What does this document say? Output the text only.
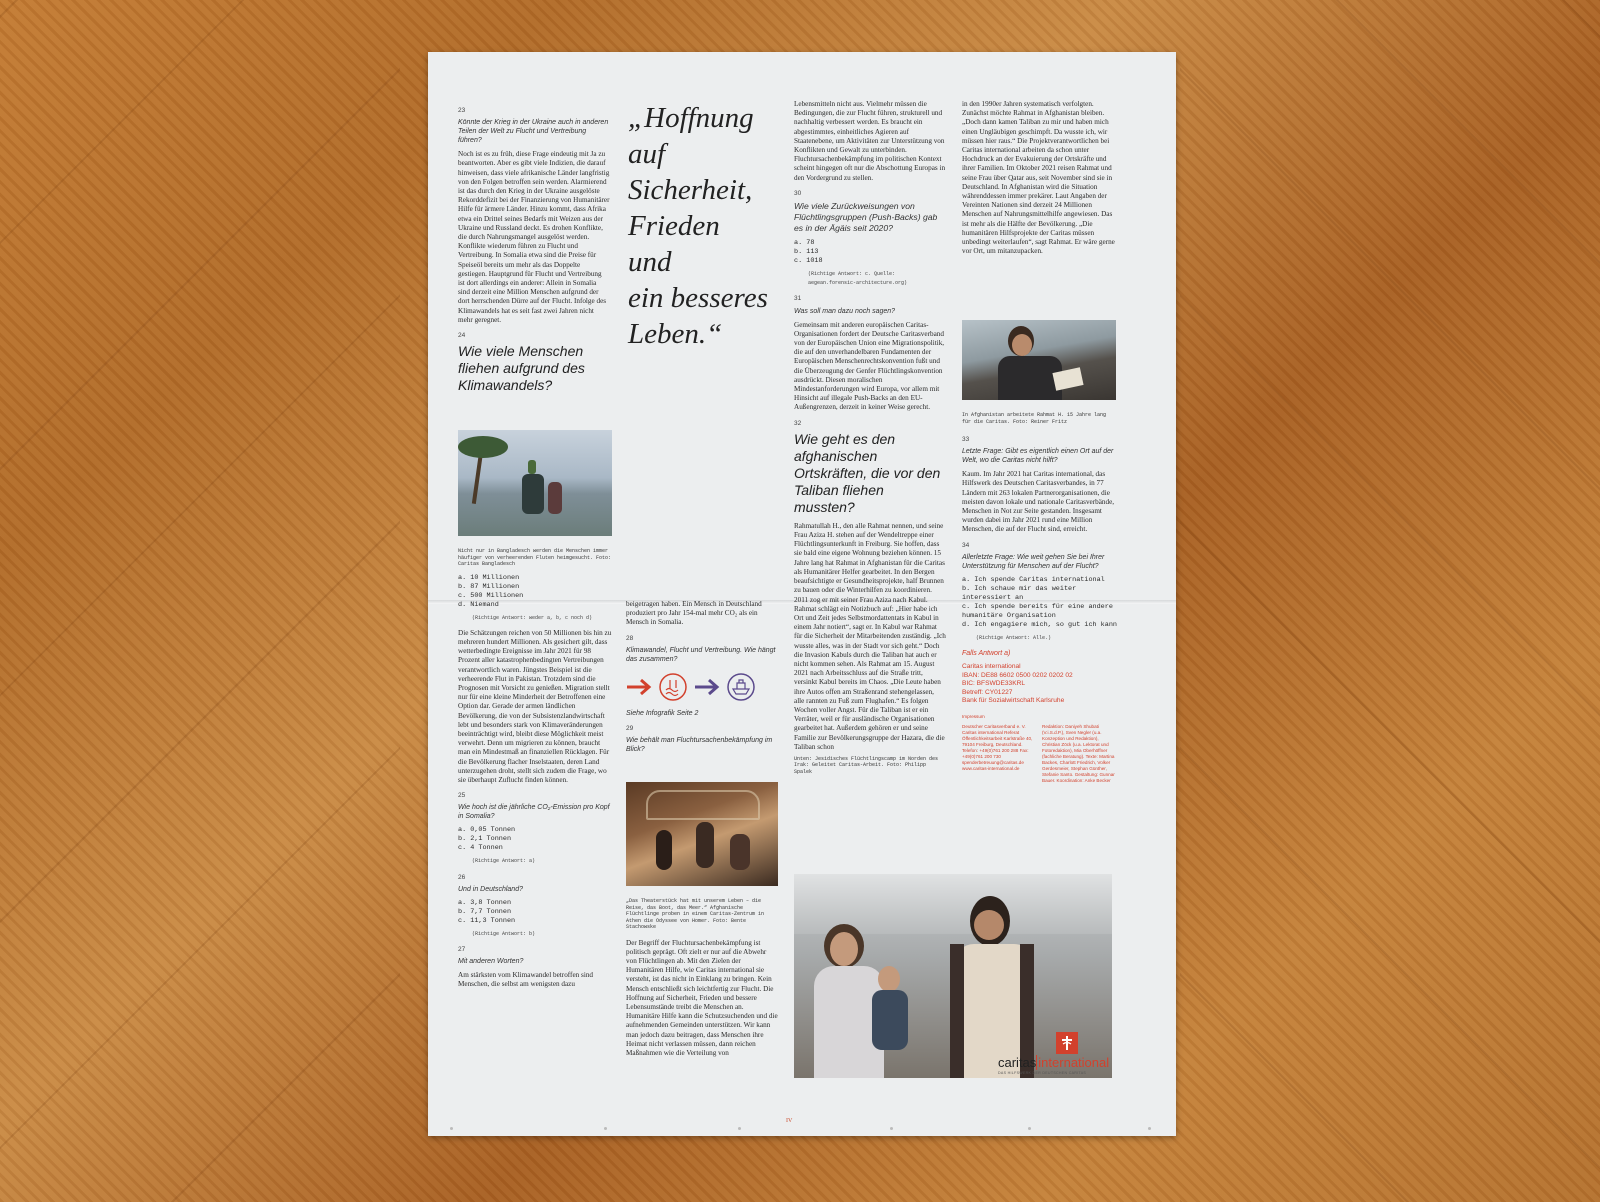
23
Könnte der Krieg in der Ukraine auch in anderen Teilen der Welt zu Flucht und Vertreibung führen?

Noch ist es zu früh, diese Frage eindeutig mit Ja zu beantworten. Aber es gibt viele Indizien, die darauf hinweisen, dass viele afrikanische Länder langfristig von den Folgen betroffen sein werden. Alarmierend ist das durch den Krieg in der Ukraine ausgelöste Rekorddefizit bei der Finanzierung von Humanitärer Hilfe für ärmere Länder. Hinzu kommt, dass Afrika etwa ein Drittel seines Bedarfs mit Weizen aus der Ukraine und Russland deckt. Es drohen Konflikte, die durch Nahrungsmangel ausgelöst werden. Konflikte wiederum führen zu Flucht und Vertreibung. In Somalia etwa sind die Preise für Speiseöl bereits um mehr als das Doppelte gestiegen. Hauptgrund für Flucht und Vertreibung ist dort allerdings ein anderer: Allein in Somalia sind derzeit eine Million Menschen aufgrund der dort herrschenden Dürre auf der Flucht. Infolge des Klimawandels hat es seit fast zwei Jahren nicht mehr geregnet.

24
Wie viele Menschen fliehen aufgrund des Klimawandels?
Nicht nur in Bangladesch werden die Menschen immer häufiger von verheerenden Fluten heimgesucht. Foto: Caritas Bangladesch
a. 10 Millionen
b. 87 Millionen
c. 500 Millionen
d. Niemand
(Richtige Antwort: weder a, b, c noch d)

Die Schätzungen reichen von 50 Millionen bis hin zu mehreren hundert Millionen. Als gesichert gilt, dass wetterbedingte Ereignisse im Jahr 2021 für 98 Prozent aller katastrophenbedingten Vertreibungen verantwortlich waren. Jüngstes Beispiel ist die verheerende Flut in Pakistan. Trotzdem sind die Prognosen mit Vorsicht zu genießen. Migration stellt nur für eine kleine Minderheit der Betroffenen eine Option dar. Gerade der armen ländlichen Bevölkerung, die von der Subsistenzlandwirtschaft lebt und besonders stark von Klimaveränderungen beeinträchtigt wird, bleibt diese Möglichkeit meist verwehrt. Denn um migrieren zu können, braucht man ein Mindestmaß an finanziellen Rücklagen. Für die Bevölkerung flacher Inselstaaten, deren Land unterzugehen droht, stellt sich zudem die Frage, wo sie überhaupt Zuflucht finden können.

25
Wie hoch ist die jährliche CO₂-Emission pro Kopf in Somalia?
a. 0,05 Tonnen
b. 2,1 Tonnen
c. 4 Tonnen
(Richtige Antwort: a)
26
Und in Deutschland?
a. 3,8 Tonnen
b. 7,7 Tonnen
c. 11,3 Tonnen
(Richtige Antwort: b)
27
Mit anderen Worten?

Am stärksten vom Klimawandel betroffen sind Menschen, die selbst am wenigsten dazu

„Hoffnung
auf
Sicherheit,
Frieden
und
ein besseres
Leben.“

beigetragen haben. Ein Mensch in Deutschland produziert pro Jahr 154-mal mehr CO₂ als ein Mensch in Somalia.

28
Klimawandel, Flucht und Vertreibung. Wie hängt das zusammen?
Siehe Infografik Seite 2
29
Wie behält man Fluchtursachenbekämpfung im Blick?
„Das Theaterstück hat mit unserem Leben – die Reise, das Boot, das Meer.“ Afghanische Flüchtlinge proben in einem Caritas-Zentrum in Athen die Odyssee von Homer. Foto: Bente Stachowske

Der Begriff der Fluchtursachenbekämpfung ist politisch geprägt. Oft zielt er nur auf die Abwehr von Flüchtlingen ab. Mit den Zielen der Humanitären Hilfe, wie Caritas international sie versteht, ist das nicht in Einklang zu bringen. Kein Mensch entschließt sich leichtfertig zur Flucht. Die Hoffnung auf Sicherheit, Frieden und bessere Lebensumstände treibt die Menschen an. Humanitäre Hilfe kann die Schutzsuchenden und die aufnehmenden Gemeinden unterstützen. Wir kann man jedoch dazu beitragen, dass Menschen ihre Heimat nicht verlassen müssen, dann reichen Maßnahmen wie die Verteilung von

Lebensmitteln nicht aus. Vielmehr müssen die Bedingungen, die zur Flucht führen, strukturell und nachhaltig verbessert werden. Es braucht ein abgestimmtes, einheitliches Agieren auf Staatenebene, um Aktivitäten zur Unterstützung von Konflikten und Gewalt zu unterbinden. Fluchtursachenbekämpfung im politischen Kontext scheint hingegen oft nur die Abschottung Europas in den Vordergrund zu stellen.

30
Wie viele Zurückweisungen von Flüchtlingsgruppen (Push-Backs) gab es in der Ägäis seit 2020?
a. 78
b. 113
c. 1018
(Richtige Antwort: c. Quelle: aegean.forensic-architecture.org)
31
Was soll man dazu noch sagen?

Gemeinsam mit anderen europäischen Caritas-Organisationen fordert der Deutsche Caritasverband von der Europäischen Union eine Migrationspolitik, die auf den unverhandelbaren Fundamenten der Europäischen Menschenrechtskonvention fußt und die Überzeugung der Genfer Flüchtlingskonvention ausdrückt. Diesen moralischen Mindestanforderungen wird Europa, vor allem mit Hinsicht auf illegale Push-Backs an den EU-Außengrenzen, derzeit in keiner Weise gerecht.

32
Wie geht es den afghanischen Ortskräften, die vor den Taliban fliehen mussten?

Rahmatullah H., den alle Rahmat nennen, und seine Frau Aziza H. stehen auf der Wendeltreppe einer Flüchtlingsunterkunft in Freiburg. Sie hoffen, dass sie bald eine eigene Wohnung beziehen können. 15 Jahre lang hat Rahmat in Afghanistan für die Caritas als Humanitärer Helfer gearbeitet. In den Bergen beaufsichtigte er Gesundheitsprojekte, half Brunnen zu bauen oder die Winterhilfen zu koordinieren. 2011 zog er mit seiner Frau Aziza nach Kabul. Rahmat schlägt ein Notizbuch auf: „Hier habe ich Ort und Zeit jedes Selbstmordattentats in Kabul in einem Jahr notiert“, sagt er. In Kabul war Rahmat für die Sicherheit der Mitarbeitenden zuständig. „Ich wusste alles, was in der Stadt vor sich geht.“ Doch die Invasion Kabuls durch die Taliban hat auch er nicht kommen sehen. Als Rahmat am 15. August 2021 nach Arbeitsschluss auf die Straße tritt, versinkt Kabul bereits im Chaos. „Die Leute haben ihre Autos offen am Straßenrand stehengelassen, alle rannten zu Fuß zum Flughafen.“ Es folgen Wochen voller Angst. Für die Taliban ist er ein Verräter, weil er für ausländische Organisationen gearbeitet hat. Außerdem gehören er und seine Familie zur Bevölkerungsgruppe der Hazara, die die Taliban schon

Unten: Jesidisches Flüchtlingscamp im Norden des Irak: Geleitet Caritas-Arbeit. Foto: Philipp Spalek

in den 1990er Jahren systematisch verfolgten. Zunächst möchte Rahmat in Afghanistan bleiben. „Doch dann kamen Taliban zu mir und haben mich einen Ungläubigen geschimpft. Da wusste ich, wir müssen hier raus.“ Die Projektverantwortlichen bei Caritas international arbeiten da schon unter Hochdruck an der Evakuierung der Ortskräfte und ihrer Familien. Im Oktober 2021 reisen Rahmat und seine Frau über Qatar aus, seit November sind sie in Deutschland. In Afghanistan wird die Situation währenddessen immer prekärer. Laut Angaben der Vereinten Nationen sind derzeit 24 Millionen Menschen auf Nahrungsmittelhilfe angewiesen. Das ist mehr als die Hälfte der Bevölkerung. „Die humanitären Hilfsprojekte der Caritas müssen unbedingt weiterlaufen“, sagt Rahmat. Er wäre gerne vor Ort, um mitanzupacken.

In Afghanistan arbeitete Rahmat H. 15 Jahre lang für die Caritas. Foto: Reiner Fritz
33
Letzte Frage: Gibt es eigentlich einen Ort auf der Welt, wo die Caritas nicht hilft?

Kaum. Im Jahr 2021 hat Caritas international, das Hilfswerk des Deutschen Caritasverbandes, in 77 Ländern mit 263 lokalen Partnerorganisationen, die meisten davon lokale und nationale Caritasverbände, Menschen in Not zur Seite gestanden. Insgesamt wurden dabei im Jahr 2021 rund eine Million Menschen, die auf der Flucht sind, erreicht.

34
Allerletzte Frage: Wie weit gehen Sie bei Ihrer Unterstützung für Menschen auf der Flucht?
a. Ich spende Caritas international
b. Ich schaue mir das weiter interessiert an
c. Ich spende bereits für eine andere humanitäre Organisation
d. Ich engagiere mich, so gut ich kann
(Richtige Antwort: Alle.)
Falls Antwort a)
Caritas international
IBAN: DE88 6602 0500 0202 0202 02
BIC: BFSWDE33KRL
Betreff: CY01227
Bank für Sozialwirtschaft Karlsruhe
Impressum
Deutscher Caritasverband e. V. Caritas international Referat Öffentlichkeitsarbeit Karlstraße 40, 79104 Freiburg, Deutschland. Telefon: +49(0)761 200 288 Fax: +49(0)761 200 730 spenderbetreuung@caritas.de www.caritas-international.de
Redaktion: Daniyeh Shubati (V.i.S.d.P.), Sven Negler (u.a. Konzeption und Redaktion), Christian Zöck (u.a. Lektorat und Fotoredaktion), Mia Oberhöffner (fachliche Beratung). Texte: Martina Backes, Charlott Friedrich, Volker Gerdesmeier, Stephan Günther, Stefanie Santo. Gestaltung: Gunnar Bauer. Koordination: Anke Becker
caritas international
DAS HILFSWERK DER DEUTSCHEN CARITAS
IV
